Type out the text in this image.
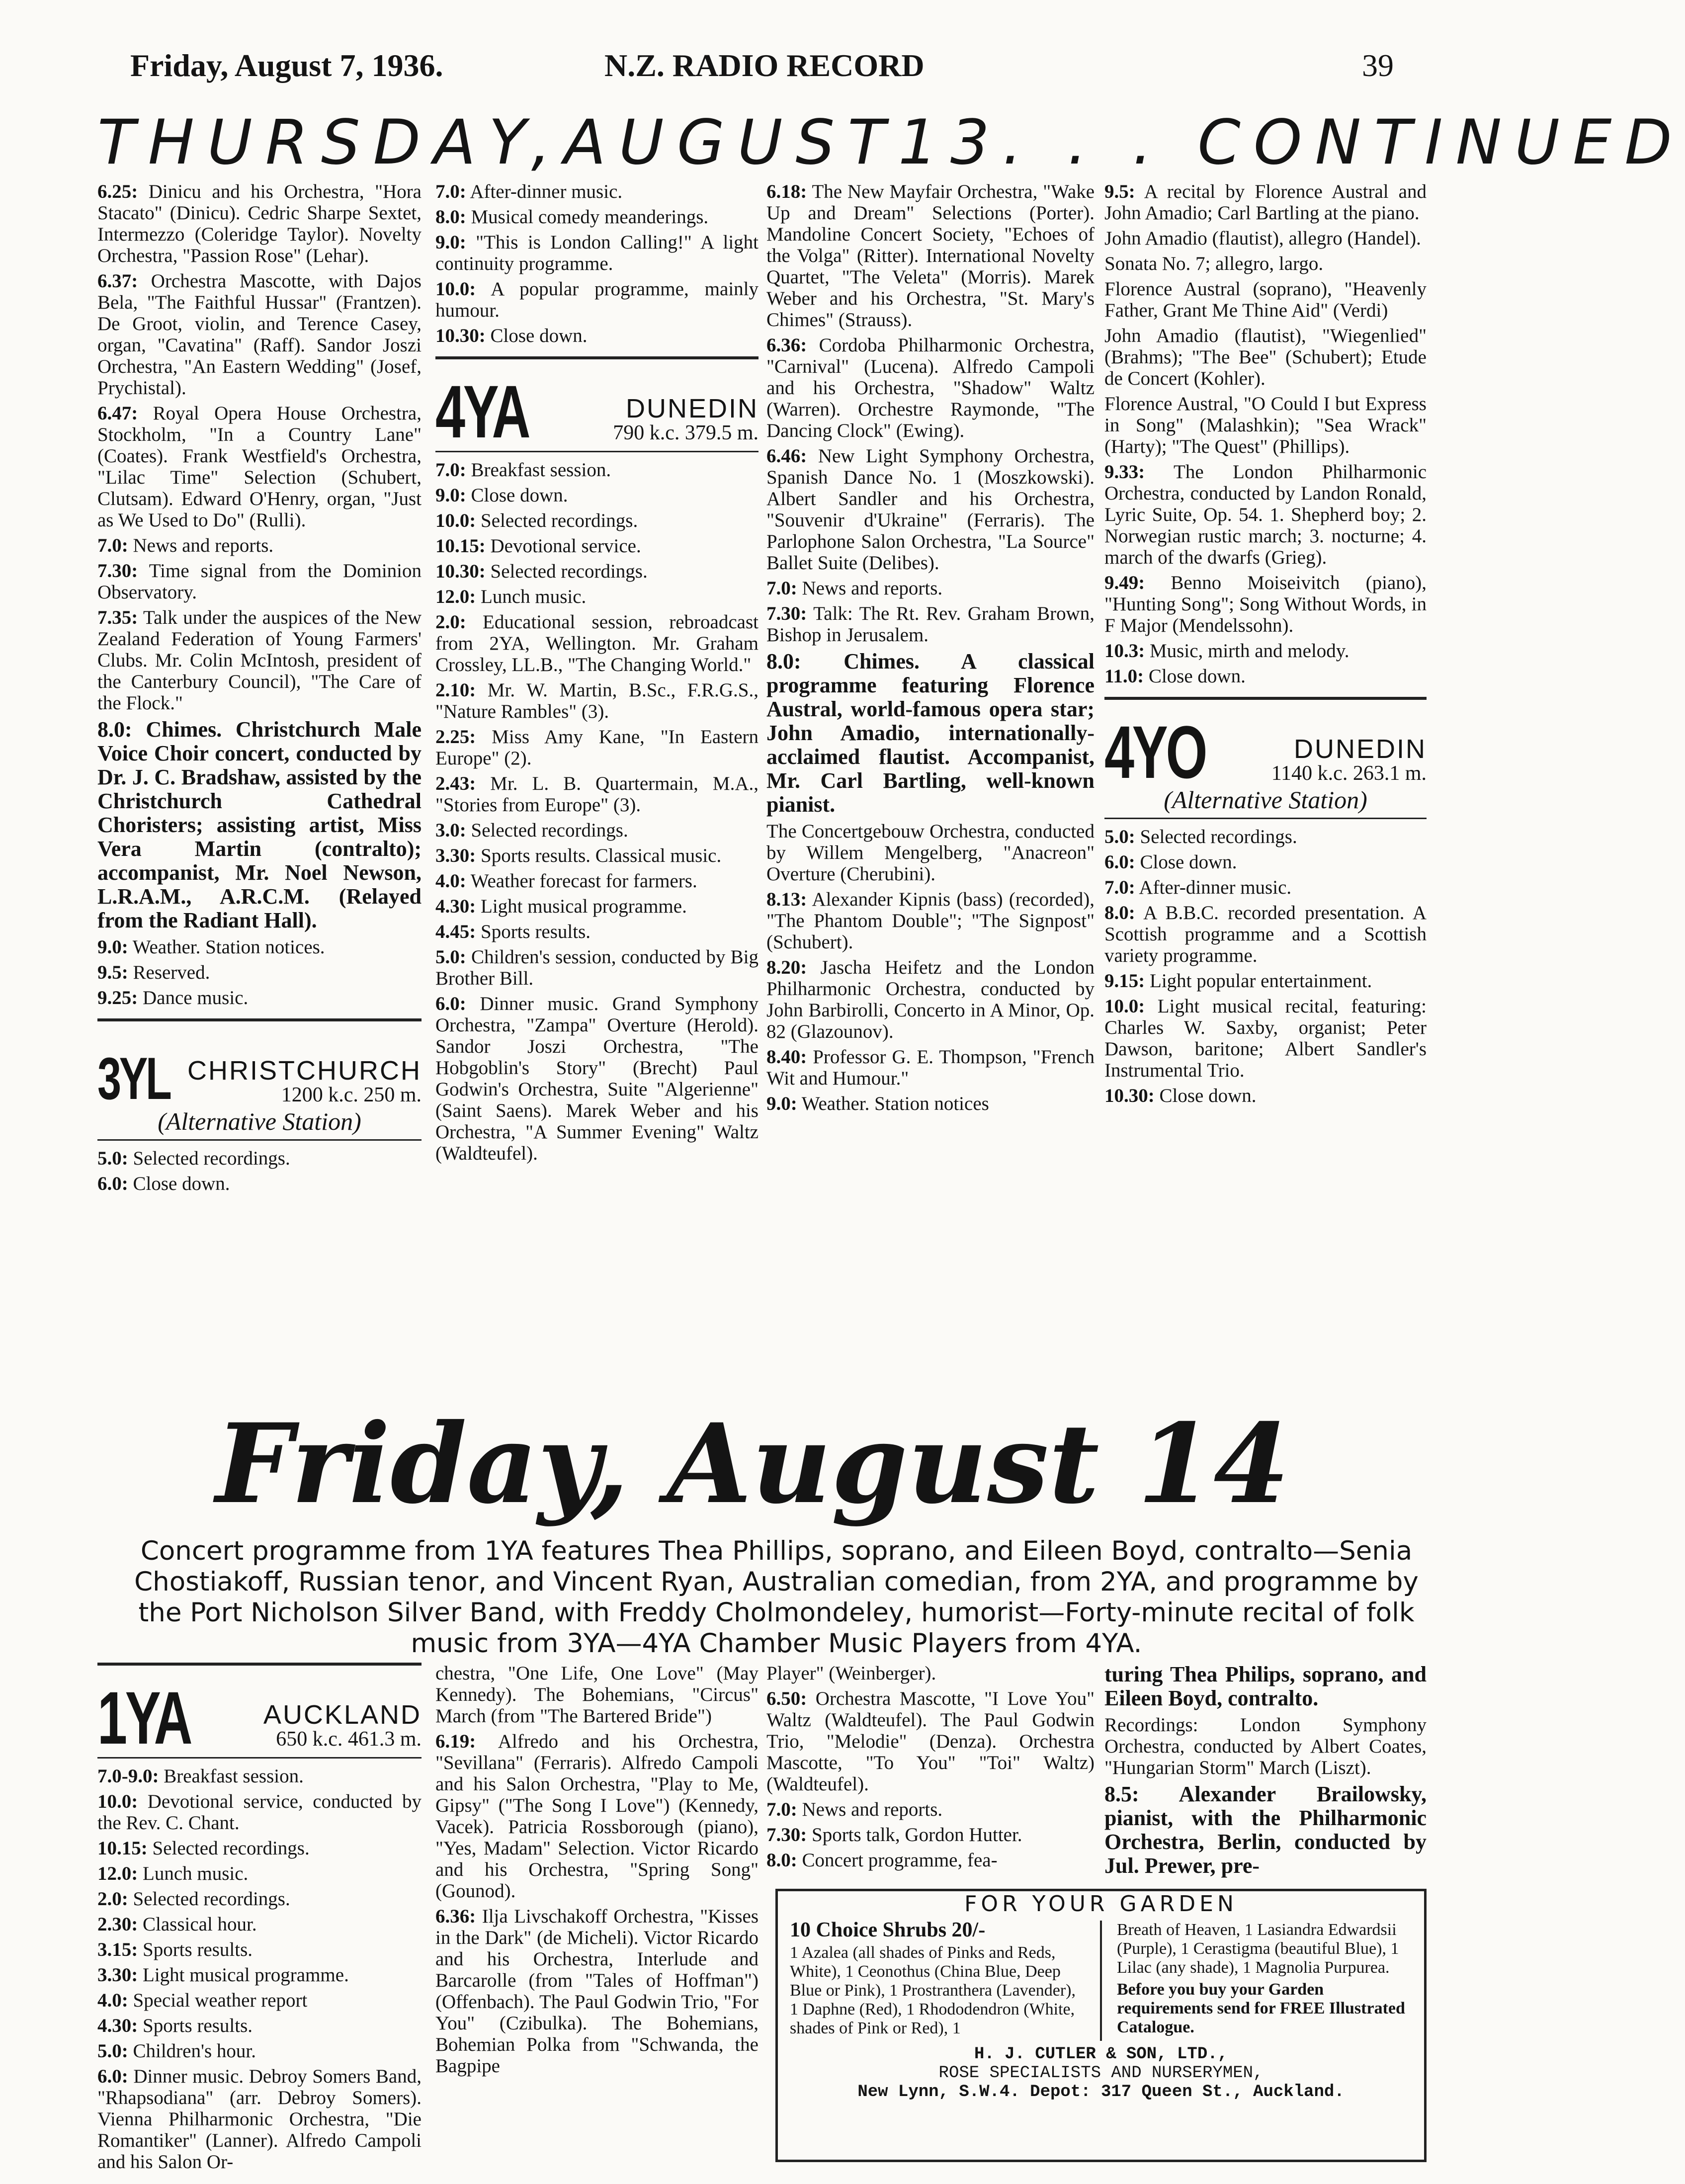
Friday, August 7, 1936.	N.Z. RADIO RECORD	39
THURSDAY, AUGUST 13 . . . CONTINUED

6.25: Dinicu and his Orchestra, "Hora Stacato" (Dinicu). Cedric Sharpe Sextet, Intermezzo (Coleridge Taylor). Novelty Orchestra, "Passion Rose" (Lehar).

6.37: Orchestra Mascotte, with Dajos Bela, "The Faithful Hussar" (Frantzen). De Groot, violin, and Terence Casey, organ, "Cavatina" (Raff). Sandor Joszi Orchestra, "An Eastern Wedding" (Josef, Prychistal).

6.47: Royal Opera House Orchestra, Stockholm, "In a Country Lane" (Coates). Frank Westfield's Orchestra, "Lilac Time" Selection (Schubert, Clutsam). Edward O'Henry, organ, "Just as We Used to Do" (Rulli).

7.0: News and reports.

7.30: Time signal from the Dominion Observatory.

7.35: Talk under the auspices of the New Zealand Federation of Young Farmers' Clubs. Mr. Colin McIntosh, president of the Canterbury Council), "The Care of the Flock."

8.0: Chimes. Christchurch Male Voice Choir concert, conducted by Dr. J. C. Bradshaw, assisted by the Christchurch Cathedral Choristers; assisting artist, Miss Vera Martin (contralto); accompanist, Mr. Noel Newson, L.R.A.M., A.R.C.M. (Relayed from the Radiant Hall).

9.0: Weather. Station notices.

9.5: Reserved.

9.25: Dance music.

3YL CHRISTCHURCH
1200 k.c. 250 m.
(Alternative Station)

5.0: Selected recordings.

6.0: Close down.

7.0: After-dinner music.

8.0: Musical comedy meanderings.

9.0: "This is London Calling!" A light continuity programme.

10.0: A popular programme, mainly humour.

10.30: Close down.

4YA	DUNEDIN
790 k.c. 379.5 m.

7.0: Breakfast session.

9.0: Close down.

10.0: Selected recordings.

10.15: Devotional service.

10.30: Selected recordings.

12.0: Lunch music.

2.0: Educational session, rebroadcast from 2YA, Wellington. Mr. Graham Crossley, LL.B., "The Changing World."

2.10: Mr. W. Martin, B.Sc., F.R.G.S., "Nature Rambles" (3).

2.25: Miss Amy Kane, "In Eastern Europe" (2).

2.43: Mr. L. B. Quartermain, M.A., "Stories from Europe" (3).

3.0: Selected recordings.

3.30: Sports results. Classical music.

4.0: Weather forecast for farmers.

4.30: Light musical programme.

4.45: Sports results.

5.0: Children's session, conducted by Big Brother Bill.

6.0: Dinner music. Grand Symphony Orchestra, "Zampa" Overture (Herold). Sandor Joszi Orchestra, "The Hobgoblin's Story" (Brecht) Paul Godwin's Orchestra, Suite "Algerienne" (Saint Saens). Marek Weber and his Orchestra, "A Summer Evening" Waltz (Waldteufel).

6.18: The New Mayfair Orchestra, "Wake Up and Dream" Selections (Porter). Mandoline Concert Society, "Echoes of the Volga" (Ritter). International Novelty Quartet, "The Veleta" (Morris). Marek Weber and his Orchestra, "St. Mary's Chimes" (Strauss).

6.36: Cordoba Philharmonic Orchestra, "Carnival" (Lucena). Alfredo Campoli and his Orchestra, "Shadow" Waltz (Warren). Orchestre Raymonde, "The Dancing Clock" (Ewing).

6.46: New Light Symphony Orchestra, Spanish Dance No. 1 (Moszkowski). Albert Sandler and his Orchestra, "Souvenir d'Ukraine" (Ferraris). The Parlophone Salon Orchestra, "La Source" Ballet Suite (Delibes).

7.0: News and reports.

7.30: Talk: The Rt. Rev. Graham Brown, Bishop in Jerusalem.

8.0: Chimes. A classical programme featuring Florence Austral, world-famous opera star; John Amadio, internationally-acclaimed flautist. Accompanist, Mr. Carl Bartling, well-known pianist.

The Concertgebouw Orchestra, conducted by Willem Mengelberg, "Anacreon" Overture (Cherubini).

8.13: Alexander Kipnis (bass) (recorded), "The Phantom Double"; "The Signpost" (Schubert).

8.20: Jascha Heifetz and the London Philharmonic Orchestra, conducted by John Barbirolli, Concerto in A Minor, Op. 82 (Glazounov).

8.40: Professor G. E. Thompson, "French Wit and Humour."

9.0: Weather. Station notices

9.5: A recital by Florence Austral and John Amadio; Carl Bartling at the piano.

John Amadio (flautist), allegro (Handel).

Sonata No. 7; allegro, largo.

Florence Austral (soprano), "Heavenly Father, Grant Me Thine Aid" (Verdi)

John Amadio (flautist), "Wiegenlied" (Brahms); "The Bee" (Schubert); Etude de Concert (Kohler).

Florence Austral, "O Could I but Express in Song" (Malashkin); "Sea Wrack" (Harty); "The Quest" (Phillips).

9.33: The London Philharmonic Orchestra, conducted by Landon Ronald, Lyric Suite, Op. 54. 1. Shepherd boy; 2. Norwegian rustic march; 3. nocturne; 4. march of the dwarfs (Grieg).

9.49: Benno Moiseivitch (piano), "Hunting Song"; Song Without Words, in F Major (Mendelssohn).

10.3: Music, mirth and melody.

11.0: Close down.

4YO	DUNEDIN
1140 k.c. 263.1 m.
(Alternative Station)

5.0: Selected recordings.

6.0: Close down.

7.0: After-dinner music.

8.0: A B.B.C. recorded presentation. A Scottish programme and a Scottish variety programme.

9.15: Light popular entertainment.

10.0: Light musical recital, featuring: Charles W. Saxby, organist; Peter Dawson, baritone; Albert Sandler's Instrumental Trio.

10.30: Close down.

Friday, August 14
Concert programme from 1YA features Thea Phillips, soprano, and Eileen Boyd, contralto—Senia Chostiakoff, Russian tenor, and Vincent Ryan, Australian comedian, from 2YA, and programme by the Port Nicholson Silver Band, with Freddy Cholmondeley, humorist—Forty-minute recital of folk music from 3YA—4YA Chamber Music Players from 4YA.
1YA	AUCKLAND
650 k.c. 461.3 m.

7.0-9.0: Breakfast session.

10.0: Devotional service, conducted by the Rev. C. Chant.

10.15: Selected recordings.

12.0: Lunch music.

2.0: Selected recordings.

2.30: Classical hour.

3.15: Sports results.

3.30: Light musical programme.

4.0: Special weather report

4.30: Sports results.

5.0: Children's hour.

6.0: Dinner music. Debroy Somers Band, "Rhapsodiana" (arr. Debroy Somers). Vienna Philharmonic Orchestra, "Die Romantiker" (Lanner). Alfredo Campoli and his Salon Or-

chestra, "One Life, One Love" (May Kennedy). The Bohemians, "Circus" March (from "The Bartered Bride")

6.19: Alfredo and his Orchestra, "Sevillana" (Ferraris). Alfredo Campoli and his Salon Orchestra, "Play to Me, Gipsy" ("The Song I Love") (Kennedy, Vacek). Patricia Rossborough (piano), "Yes, Madam" Selection. Victor Ricardo and his Orchestra, "Spring Song" (Gounod).

6.36: Ilja Livschakoff Orchestra, "Kisses in the Dark" (de Micheli). Victor Ricardo and his Orchestra, Interlude and Barcarolle (from "Tales of Hoffman") (Offenbach). The Paul Godwin Trio, "For You" (Czibulka). The Bohemians, Bohemian Polka from "Schwanda, the Bagpipe

Player" (Weinberger).

6.50: Orchestra Mascotte, "I Love You" Waltz (Waldteufel). The Paul Godwin Trio, "Melodie" (Denza). Orchestra Mascotte, "To You" "Toi" Waltz) (Waldteufel).

7.0: News and reports.

7.30: Sports talk, Gordon Hutter.

8.0: Concert programme, fea-

turing Thea Philips, soprano, and Eileen Boyd, contralto.

Recordings: London Symphony Orchestra, conducted by Albert Coates, "Hungarian Storm" March (Liszt).

8.5: Alexander Brailowsky, pianist, with the Philharmonic Orchestra, Berlin, conducted by Jul. Prewer, pre-

FOR YOUR GARDEN
10 Choice Shrubs 20/-

1 Azalea (all shades of Pinks and Reds, White), 1 Ceonothus (China Blue, Deep Blue or Pink), 1 Prostranthera (Lavender), 1 Daphne (Red), 1 Rhododendron (White, shades of Pink or Red), 1

Breath of Heaven, 1 Lasiandra Edwardsii (Purple), 1 Cerastigma (beautiful Blue), 1 Lilac (any shade), 1 Magnolia Purpurea.

Before you buy your Garden requirements send for FREE Illustrated Catalogue.

H. J. CUTLER & SON, LTD.,
ROSE SPECIALISTS AND NURSERYMEN,
New Lynn, S.W.4. Depot: 317 Queen St., Auckland.
